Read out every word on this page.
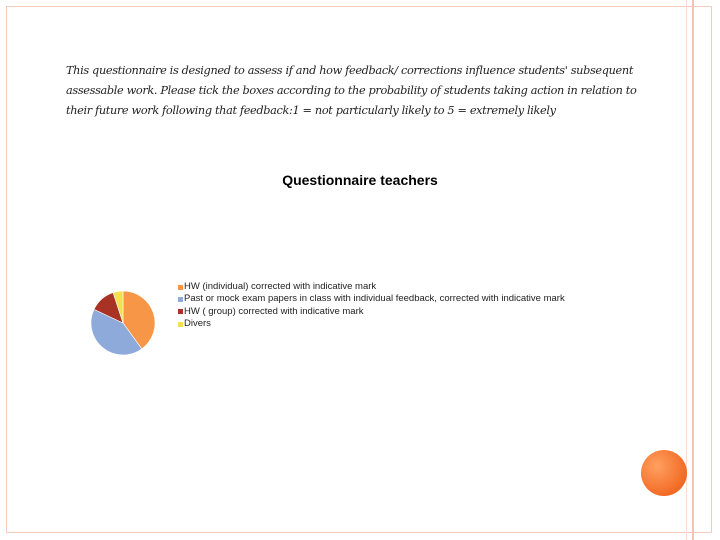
This questionnaire is designed to assess if and how feedback/ corrections influence students' subsequent assessable work. Please tick the boxes according to the probability of students taking action in relation to their future work following that feedback:1 = not particularly likely to 5 = extremely likely
Questionnaire teachers
HW (individual) corrected with indicative mark
Past or mock exam papers in class with individual feedback, corrected with indicative mark
HW ( group) corrected with indicative mark
Divers
